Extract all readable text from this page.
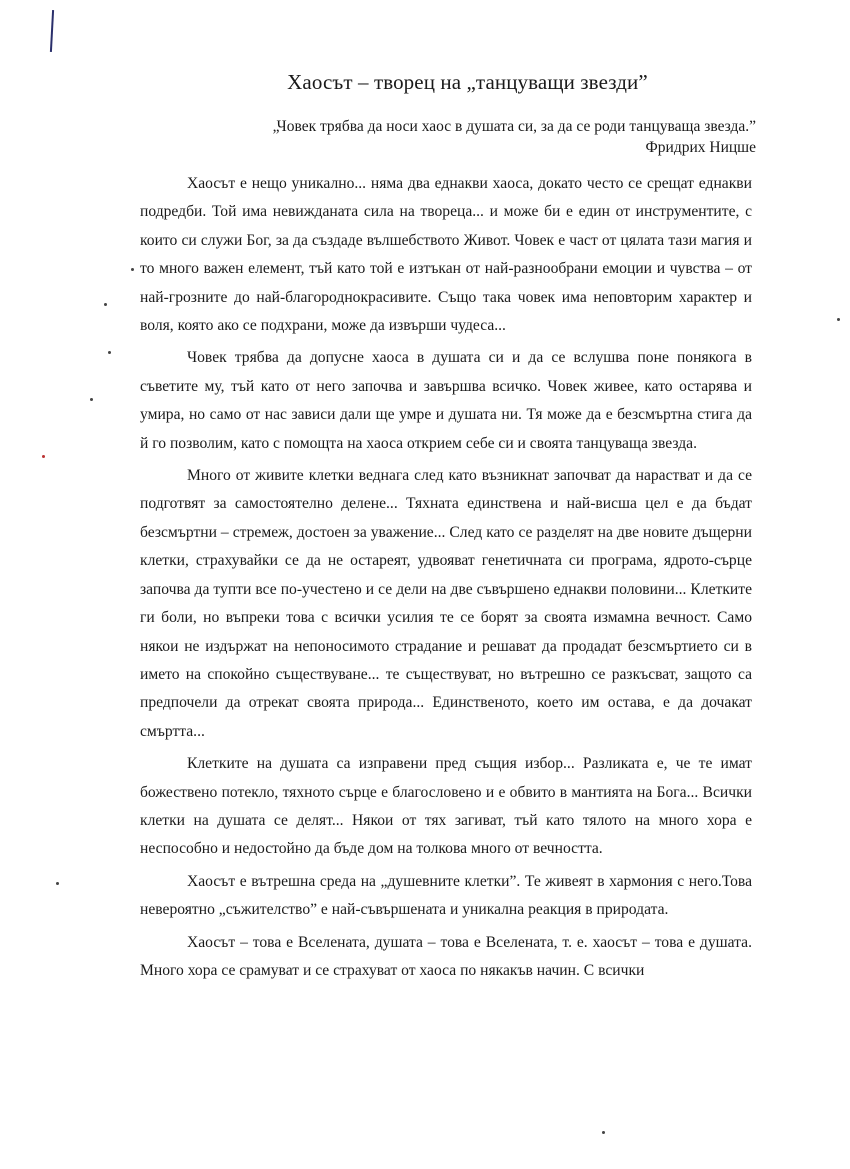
Хаосът – творец на „танцуващи звезди”
„Човек трябва да носи хаос в душата си, за да се роди танцуваща звезда.”
Фридрих Ницше

Хаосът е нещо уникално... няма два еднакви хаоса, докато често се срещат еднакви подредби. Той има невижданата сила на твореца... и може би е един от инструментите, с които си служи Бог, за да създаде вълшебството Живот. Човек е част от цялата тази магия и то много важен елемент, тъй като той е изтъкан от най-разнообрани емоции и чувства – от най-грозните до най-благороднокрасивите. Също така човек има неповторим характер и воля, която ако се подхрани, може да извърши чудеса...

Човек трябва да допусне хаоса в душата си и да се вслушва поне понякога в съветите му, тъй като от него започва и завършва всичко. Човек живее, като остарява и умира, но само от нас зависи дали ще умре и душата ни. Тя може да е безсмъртна стига да й го позволим, като с помощта на хаоса открием себе си и своята танцуваща звезда.

Много от живите клетки веднага след като възникнат започват да нарастват и да се подготвят за самостоятелно делене... Тяхната единствена и най-висша цел е да бъдат безсмъртни – стремеж, достоен за уважение... След като се разделят на две новите дъщерни клетки, страхувайки се да не остареят, удвояват генетичната си програма, ядрото-сърце започва да тупти все по-учестено и се дели на две съвършено еднакви половини... Клетките ги боли, но въпреки това с всички усилия те се борят за своята измамна вечност. Само някои не издържат на непоносимото страдание и решават да продадат безсмъртието си в името на спокойно съществуване... те съществуват, но вътрешно се разкъсват, защото са предпочели да отрекат своята природа... Единственото, което им остава, е да дочакат смъртта...

Клетките на душата са изправени пред същия избор... Разликата е, че те имат божествено потекло, тяхното сърце е благословено и е обвито в мантията на Бога... Всички клетки на душата се делят... Някои от тях загиват, тъй като тялото на много хора е неспособно и недостойно да бъде дом на толкова много от вечността.

Хаосът е вътрешна среда на „душевните клетки”. Те живеят в хармония с него.Това невероятно „съжителство” е най-съвършената и уникална реакция в природата.

Хаосът – това е Вселената, душата – това е Вселената, т. е. хаосът – това е душата. Много хора се срамуват и се страхуват от хаоса по някакъв начин. С всички
